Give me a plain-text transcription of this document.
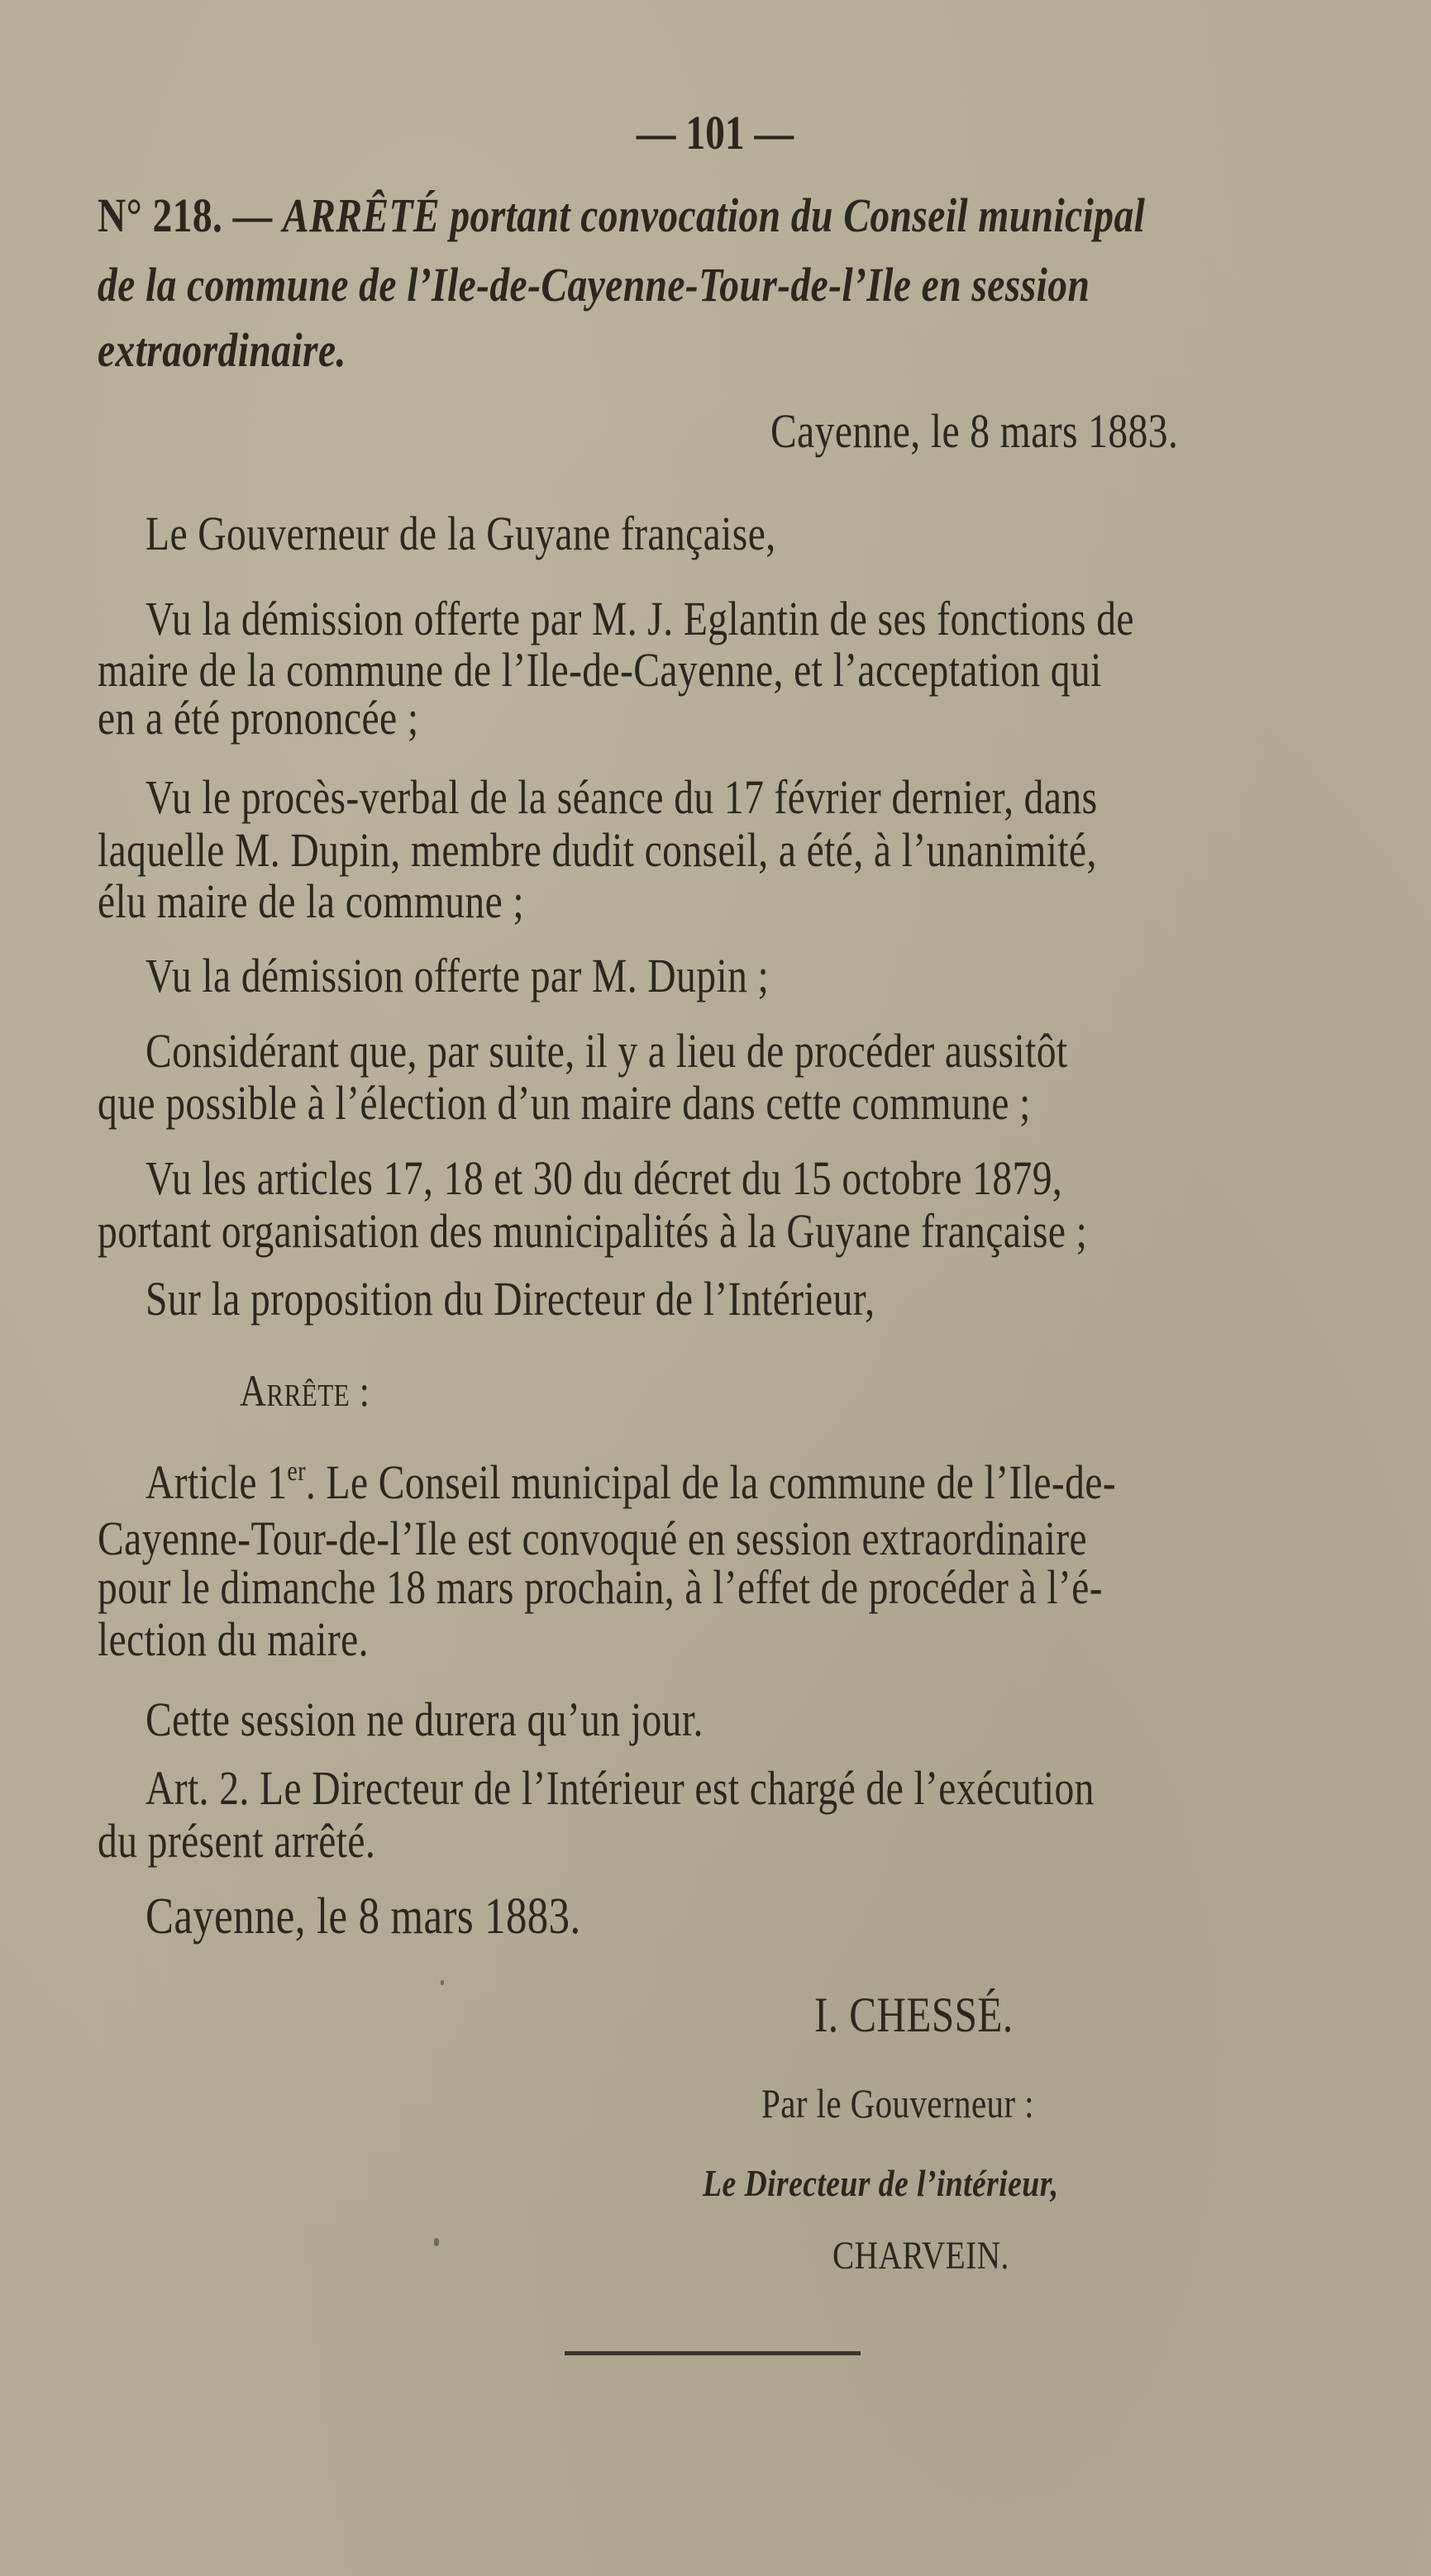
— 101 —
N° 218. — ARRÊTÉ portant convocation du Conseil municipal
de la commune de l’Ile-de-Cayenne-Tour-de-l’Ile en session
extraordinaire.
Cayenne, le 8 mars 1883.
Le Gouverneur de la Guyane française,
Vu la démission offerte par M. J. Eglantin de ses fonctions de
maire de la commune de l’Ile-de-Cayenne, et l’acceptation qui
en a été prononcée ;
Vu le procès-verbal de la séance du 17 février dernier, dans
laquelle M. Dupin, membre dudit conseil, a été, à l’unanimité,
élu maire de la commune ;
Vu la démission offerte par M. Dupin ;
Considérant que, par suite, il y a lieu de procéder aussitôt
que possible à l’élection d’un maire dans cette commune ;
Vu les articles 17, 18 et 30 du décret du 15 octobre 1879,
portant organisation des municipalités à la Guyane française ;
Sur la proposition du Directeur de l’Intérieur,
Arrête :
Article 1er. Le Conseil municipal de la commune de l’Ile-de-
Cayenne-Tour-de-l’Ile est convoqué en session extraordinaire
pour le dimanche 18 mars prochain, à l’effet de procéder à l’é-
lection du maire.
Cette session ne durera qu’un jour.
Art. 2. Le Directeur de l’Intérieur est chargé de l’exécution
du présent arrêté.
Cayenne, le 8 mars 1883.
I. CHESSÉ.
Par le Gouverneur :
Le Directeur de l’intérieur,
CHARVEIN.
